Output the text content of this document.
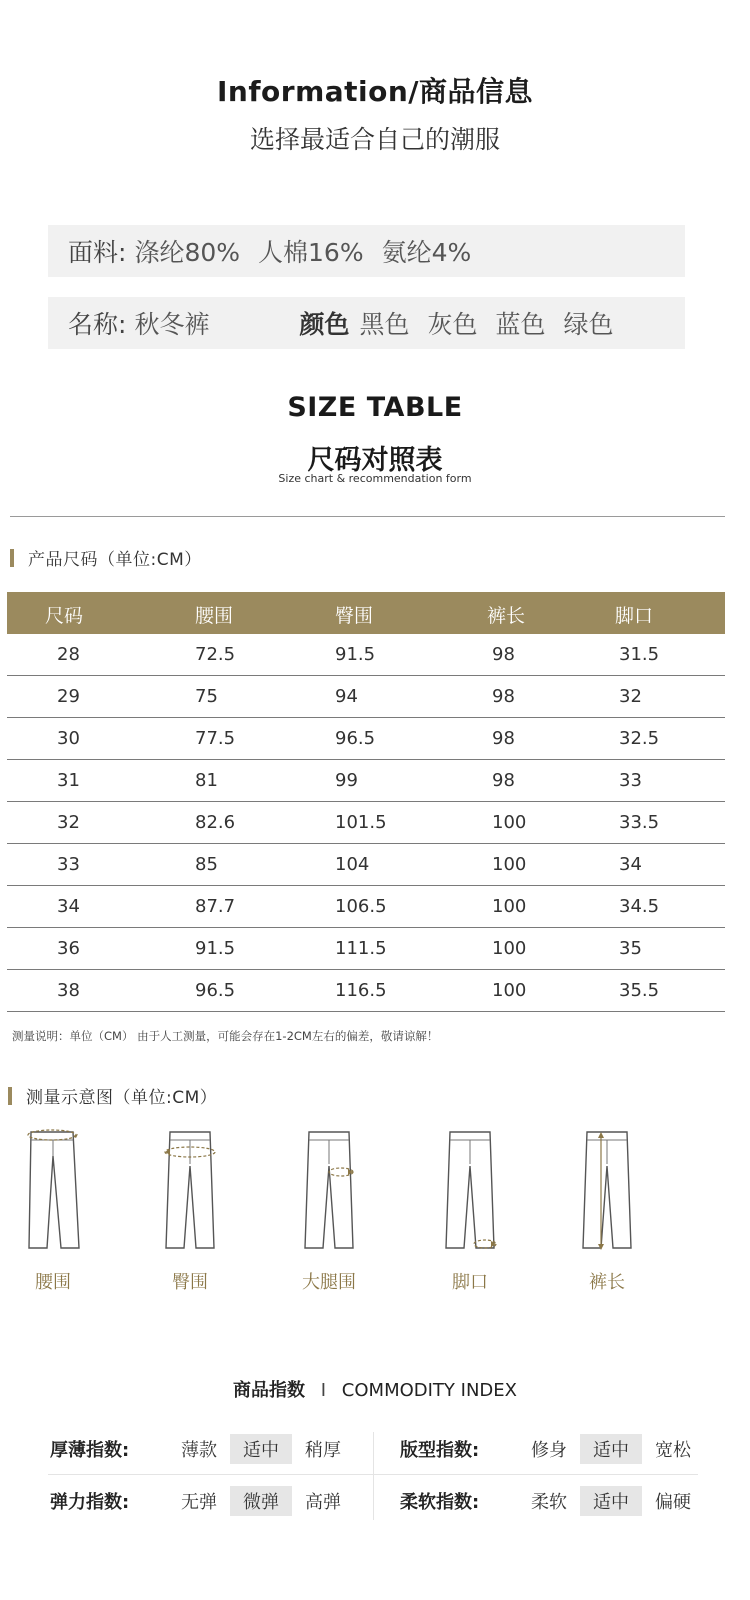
Information/商品信息
选择最适合自己的潮服
面料: 涤纶80% 人棉16% 氨纶4%
名称: 秋冬裤	颜色 黑色 灰色 蓝色 绿色
SIZE TABLE
尺码对照表
Size chart & recommendation form
产品尺码（单位:CM）
尺码	腰围	臀围	裤长	脚口
28	72.5	91.5	98	31.5
29	75	94	98	32
30	77.5	96.5	98	32.5
31	81	99	98	33
32	82.6	101.5	100	33.5
33	85	104	100	34
34	87.7	106.5	100	34.5
36	91.5	111.5	100	35
38	96.5	116.5	100	35.5
测量说明：单位（CM） 由于人工测量，可能会存在1-2CM左右的偏差，敬请谅解！
测量示意图（单位:CM）
腰围	臀围	大腿围	脚口	裤长
商品指数 I COMMODITY INDEX
厚薄指数:	薄款	适中	稍厚	版型指数:	修身	适中	宽松
弹力指数:	无弹	微弹	高弹	柔软指数:	柔软	适中	偏硬
